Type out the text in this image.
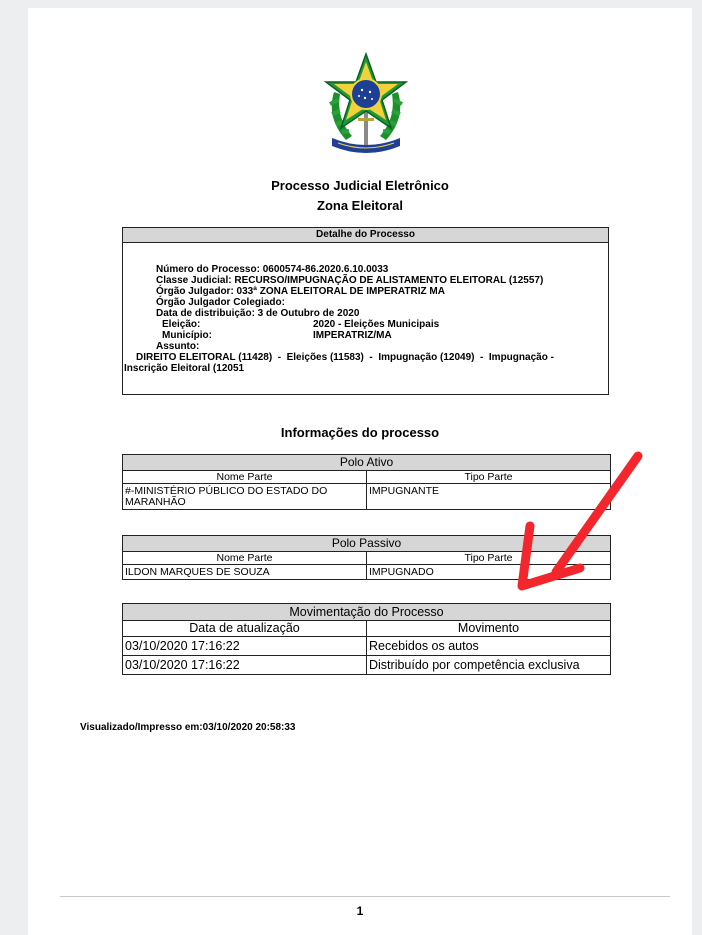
Processo Judicial Eletrônico
Zona Eleitoral
Detalhe do Processo
Número do Processo: 0600574-86.2020.6.10.0033
Classe Judicial: RECURSO/IMPUGNAÇÃO DE ALISTAMENTO ELEITORAL (12557)
Órgão Julgador: 033ª ZONA ELEITORAL DE IMPERATRIZ MA
Órgão Julgador Colegiado:
Data de distribuição: 3 de Outubro de 2020
Eleição:	2020 - Eleições Municipais
Município:	IMPERATRIZ/MA
Assunto:
DIREITO ELEITORAL (11428)  -  Eleições (11583)  -  Impugnação (12049)  -  Impugnação -
Inscrição Eleitoral (12051
Informações do processo
Polo Ativo	
Nome Parte	Tipo Parte
#-MINISTÉRIO PÚBLICO DO ESTADO DO MARANHÃO	IMPUGNANTE
Polo Passivo	
Nome Parte	Tipo Parte
ILDON MARQUES DE SOUZA	IMPUGNADO
Movimentação do Processo	
Data de atualização	Movimento
03/10/2020 17:16:22	Recebidos os autos
03/10/2020 17:16:22	Distribuído por competência exclusiva
Visualizado/Impresso em:03/10/2020 20:58:33
1
